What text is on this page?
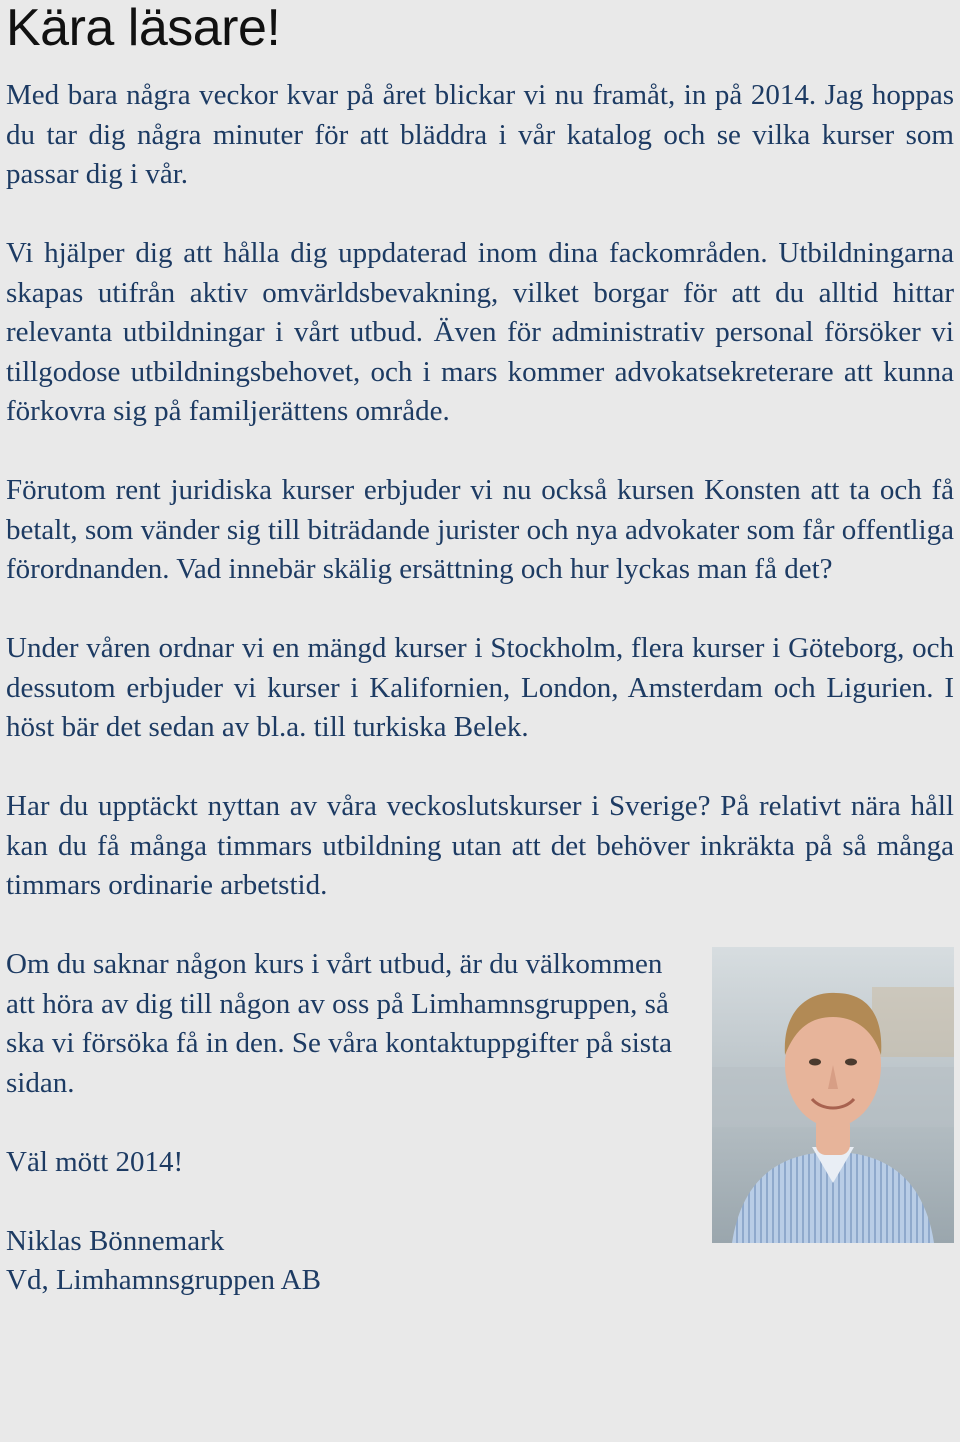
Kära läsare!

Med bara några veckor kvar på året blickar vi nu framåt, in på 2014. Jag hoppas du tar dig några minuter för att bläddra i vår katalog och se vilka kurser som passar dig i vår.

Vi hjälper dig att hålla dig uppdaterad inom dina fackområden. Utbildningarna skapas utifrån aktiv omvärldsbevakning, vilket borgar för att du alltid hittar relevanta utbildningar i vårt utbud. Även för administrativ personal försöker vi tillgodose utbildningsbehovet, och i mars kommer advokatsekreterare att kunna förkovra sig på familjerättens område.

Förutom rent juridiska kurser erbjuder vi nu också kursen Konsten att ta och få betalt, som vänder sig till biträdande jurister och nya advokater som får offentliga förordnanden. Vad innebär skälig ersättning och hur lyckas man få det?

Under våren ordnar vi en mängd kurser i Stockholm, flera kurser i Göteborg, och dessutom erbjuder vi kurser i Kalifornien, London, Amsterdam och Ligurien. I höst bär det sedan av bl.a. till turkiska Belek.

Har du upptäckt nyttan av våra veckoslutskurser i Sverige? På relativt nära håll kan du få många timmars utbildning utan att det behöver inkräkta på så många timmars ordinarie arbetstid.

Om du saknar någon kurs i vårt utbud, är du välkommen att höra av dig till någon av oss på Limhamnsgruppen, så ska vi försöka få in den. Se våra kontaktuppgifter på sista sidan.

Väl mött 2014!

Niklas Bönnemark

Vd, Limhamnsgruppen AB
